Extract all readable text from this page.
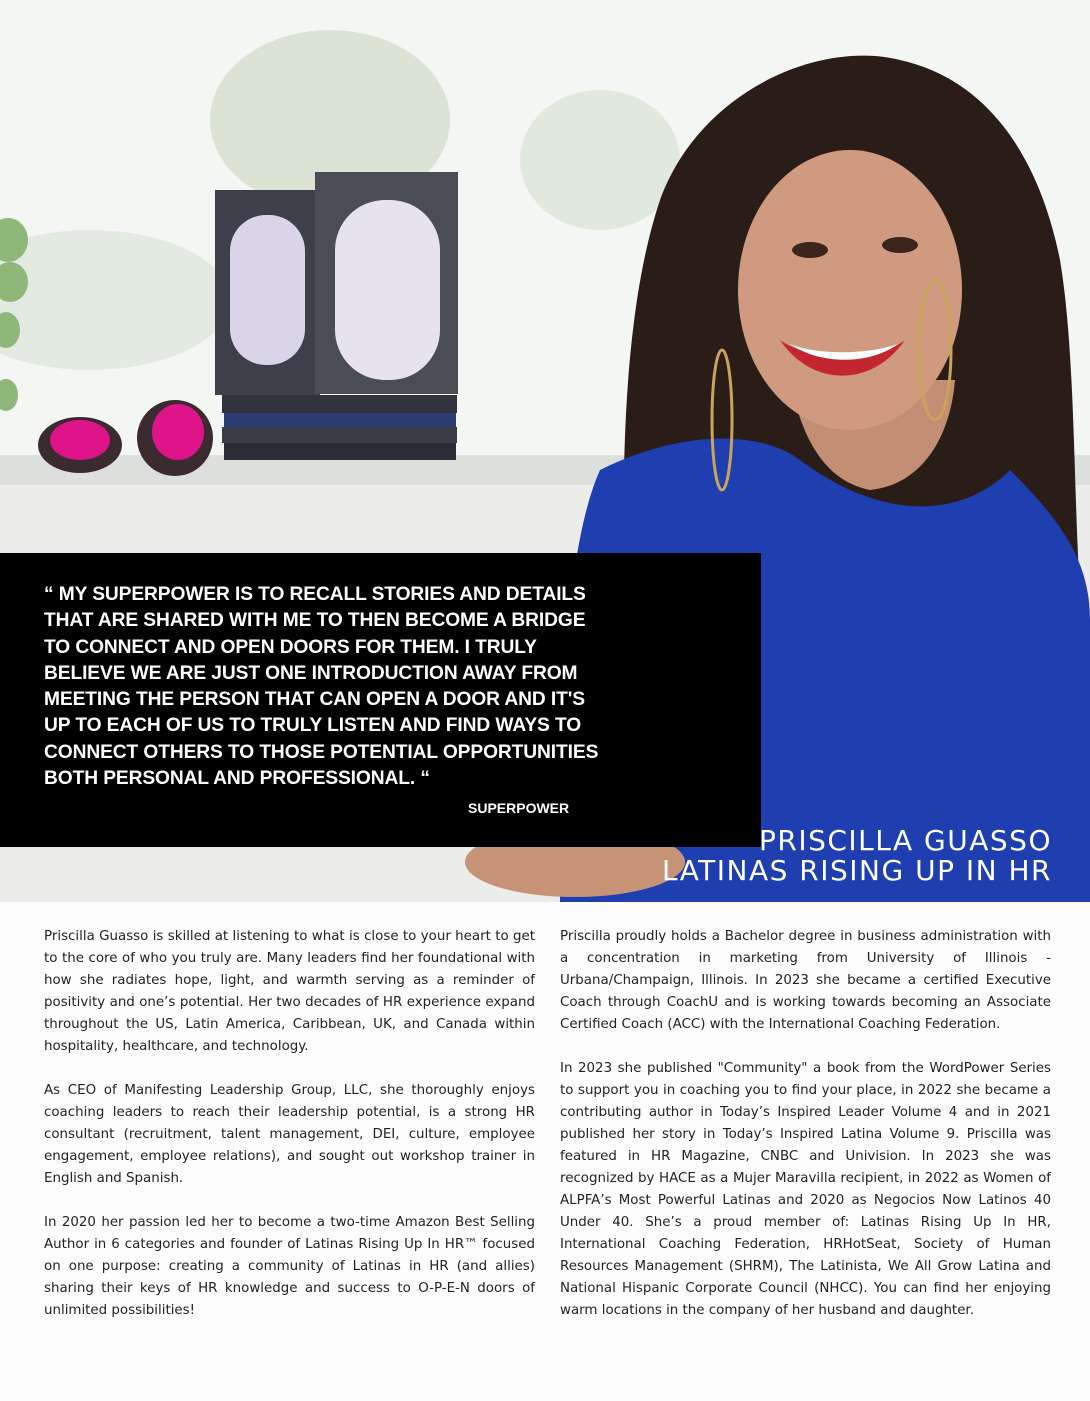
“ MY SUPERPOWER IS TO RECALL STORIES AND DETAILS
THAT ARE SHARED WITH ME TO THEN BECOME A BRIDGE
TO CONNECT AND OPEN DOORS FOR THEM. I TRULY
BELIEVE WE ARE JUST ONE INTRODUCTION AWAY FROM
MEETING THE PERSON THAT CAN OPEN A DOOR AND IT'S
UP TO EACH OF US TO TRULY LISTEN AND FIND WAYS TO
CONNECT OTHERS TO THOSE POTENTIAL OPPORTUNITIES
BOTH PERSONAL AND PROFESSIONAL. “

SUPERPOWER
PRISCILLA GUASSO
LATINAS RISING UP IN HR

Priscilla Guasso is skilled at listening to what is close to your heart to get to the core of who you truly are. Many leaders find her foundational with how she radiates hope, light, and warmth serving as a reminder of positivity and one’s potential. Her two decades of HR experience expand throughout the US, Latin America, Caribbean, UK, and Canada within hospitality, healthcare, and technology.

As CEO of Manifesting Leadership Group, LLC, she thoroughly enjoys coaching leaders to reach their leadership potential, is a strong HR consultant (recruitment, talent management, DEI, culture, employee engagement, employee relations), and sought out workshop trainer in English and Spanish.

In 2020 her passion led her to become a two-time Amazon Best Selling Author in 6 categories and founder of Latinas Rising Up In HR™ focused on one purpose: creating a community of Latinas in HR (and allies) sharing their keys of HR knowledge and success to O-P-E-N doors of unlimited possibilities!

Priscilla proudly holds a Bachelor degree in business administration with a concentration in marketing from University of Illinois - Urbana/Champaign, Illinois. In 2023 she became a certified Executive Coach through CoachU and is working towards becoming an Associate Certified Coach (ACC) with the International Coaching Federation.

In 2023 she published "Community" a book from the WordPower Series to support you in coaching you to find your place, in 2022 she became a contributing author in Today’s Inspired Leader Volume 4 and in 2021 published her story in Today’s Inspired Latina Volume 9. Priscilla was featured in HR Magazine, CNBC and Univision. In 2023 she was recognized by HACE as a Mujer Maravilla recipient, in 2022 as Women of ALPFA’s Most Powerful Latinas and 2020 as Negocios Now Latinos 40 Under 40. She’s a proud member of: Latinas Rising Up In HR, International Coaching Federation, HRHotSeat, Society of Human Resources Management (SHRM), The Latinista, We All Grow Latina and National Hispanic Corporate Council (NHCC). You can find her enjoying warm locations in the company of her husband and daughter.
